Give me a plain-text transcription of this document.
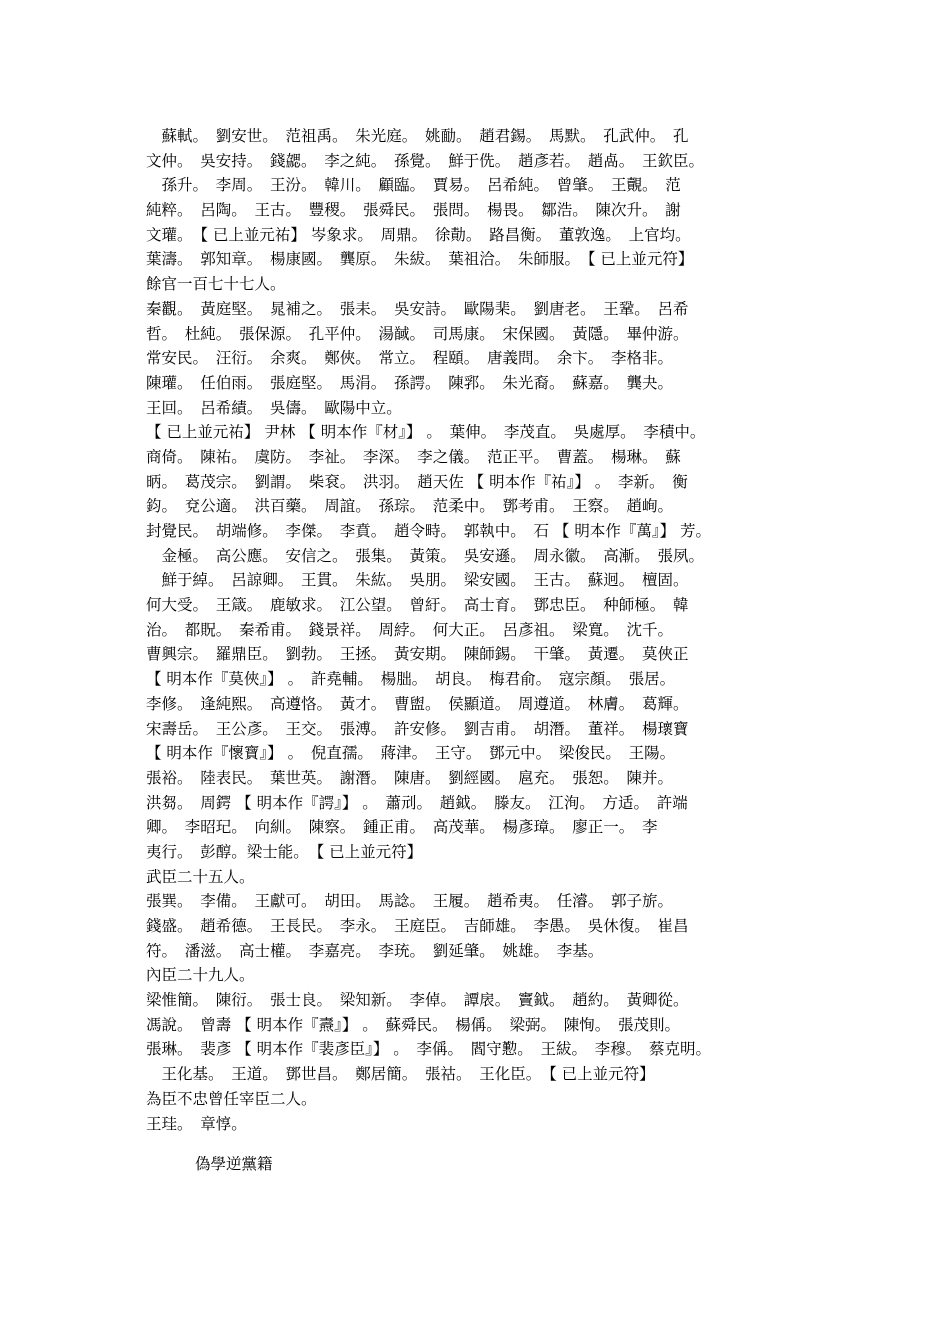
　蘇軾。　劉安世。　范祖禹。　朱光庭。　姚勔。　趙君錫。　馬默。　孔武仲。　孔
文仲。　吳安持。　錢勰。　李之純。　孫覺。　鮮于侁。　趙彥若。　趙卨。　王欽臣。
　孫升。　李周。　王汾。　韓川。　顧臨。　賈易。　呂希純。　曾肇。　王覿。　范
純粹。　呂陶。　王古。　豐稷。　張舜民。　張問。　楊畏。　鄒浩。　陳次升。　謝
文瓘。　【 已上並元祐】 岑象求。　周鼎。　徐勣。　路昌衡。　董敦逸。　上官均。
葉濤。　郭知章。　楊康國。　龔原。　朱紱。　葉祖洽。　朱師服。　【 已上並元符】
餘官一百七十七人。
秦觀。　黃庭堅。　晁補之。　張耒。　吳安詩。　歐陽棐。　劉唐老。　王鞏。　呂希
哲。　杜純。　張保源。　孔平仲。　湯馘。　司馬康。　宋保國。　黃隱。　畢仲游。
常安民。　汪衍。　余爽。　鄭俠。　常立。　程頤。　唐義問。　余卞。　李格非。
陳瓘。　任伯雨。　張庭堅。　馬涓。　孫諤。　陳郛。　朱光裔。　蘇嘉。　龔夬。
王回。　呂希績。　吳儔。　歐陽中立。
【 已上並元祐】 尹林 【 明本作『材』】 。　葉伸。　李茂直。　吳處厚。　李積中。
商倚。　陳祐。　虞防。　李祉。　李深。　李之儀。　范正平。　曹蓋。　楊琳。　蘇
昞。　葛茂宗。　劉謂。　柴袞。　洪羽。　趙天佐 【 明本作『祐』】 。　李新。　衡
鈞。　兗公適。　洪百藥。　周誼。　孫琮。　范柔中。　鄧考甫。　王察。　趙峋。
封覺民。　胡端修。　李傑。　李賁。　趙令畤。　郭執中。　石 【 明本作『萬』】 芳。
　金極。　高公應。　安信之。　張集。　黃策。　吳安遜。　周永徽。　高漸。　張夙。
　鮮于綽。　呂諒卿。　王貫。　朱紘。　吳朋。　梁安國。　王古。　蘇迥。　檀固。
何大受。　王箴。　鹿敏求。　江公望。　曾紆。　高士育。　鄧忠臣。　种師極。　韓
治。　都貺。　秦希甫。　錢景祥。　周綍。　何大正。　呂彥祖。　梁寬。　沈千。
曹興宗。　羅鼎臣。　劉勃。　王拯。　黃安期。　陳師錫。　干肇。　黃遷。　莫俠正
【 明本作『莫俠』】 。　許堯輔。　楊朏。　胡良。　梅君俞。　寇宗顏。　張居。
李修。　逢純熙。　高遵恪。　黃才。　曹盥。　侯顯道。　周遵道。　林膚。　葛輝。
宋壽岳。　王公彥。　王交。　張溥。　許安修。　劉吉甫。　胡潛。　董祥。　楊瓌寶
【 明本作『懷寶』】 。　倪直孺。　蔣津。　王守。　鄧元中。　梁俊民。　王陽。
張裕。　陸表民。　葉世英。　謝潛。　陳唐。　劉經國。　扈充。　張恕。　陳并。
洪芻。　周鍔 【 明本作『諤』】 。　蕭刓。　趙鉞。　滕友。　江洵。　方适。　許端
卿。　李昭玘。　向紃。　陳察。　鍾正甫。　高茂華。　楊彥璋。　廖正一。　李
夷行。　彭醇。梁士能。　【 已上並元符】
武臣二十五人。
張巽。　李備。　王獻可。　胡田。　馬諗。　王履。　趙希夷。　任濬。　郭子旂。
錢盛。　趙希德。　王長民。　李永。　王庭臣。　吉師雄。　李愚。　吳休復。　崔昌
符。　潘滋。　高士權。　李嘉亮。　李珫。　劉延肇。　姚雄。　李基。
內臣二十九人。
梁惟簡。　陳衍。　張士良。　梁知新。　李倬。　譚扆。　竇鉞。　趙約。　黃卿從。
馮說。　曾壽 【 明本作『燾』】 。　蘇舜民。　楊偁。　梁弼。　陳恂。　張茂則。
張琳。　裴彥 【 明本作『裴彥臣』】 。　李偁。　閻守懃。　王紱。　李穆。　蔡克明。
　王化基。　王道。　鄧世昌。　鄭居簡。　張祜。　王化臣。　【 已上並元符】
為臣不忠曾任宰臣二人。
王珪。　章惇。
偽學逆黨籍
